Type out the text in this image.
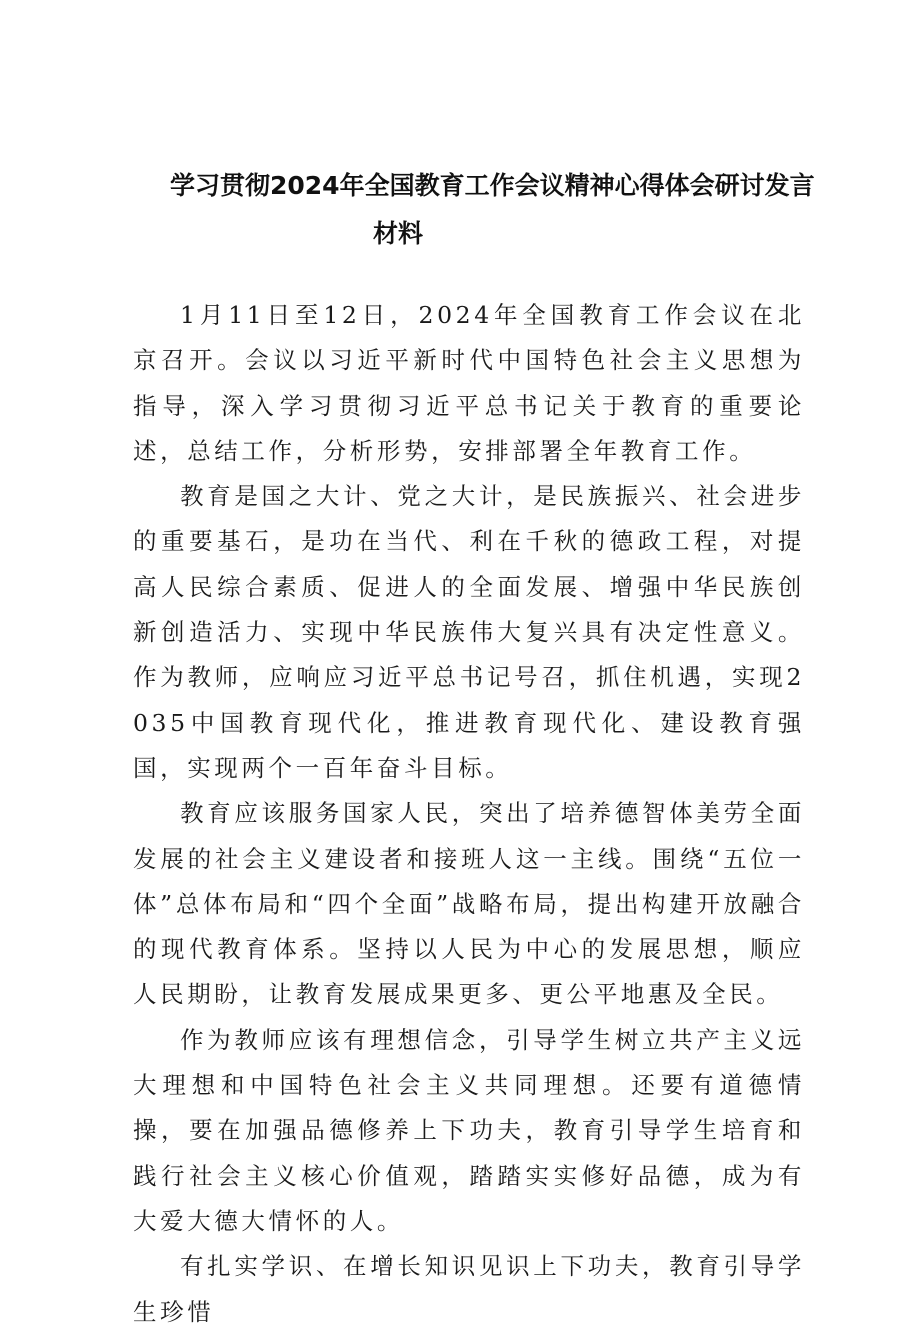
学习贯彻2024年全国教育工作会议精神心得体会研讨发言
材料

1月11日至12日，2024年全国教育工作会议在北京召开。会议以习近平新时代中国特色社会主义思想为指导，深入学习贯彻习近平总书记关于教育的重要论述，总结工作，分析形势，安排部署全年教育工作。

教育是国之大计、党之大计，是民族振兴、社会进步的重要基石，是功在当代、利在千秋的德政工程，对提高人民综合素质、促进人的全面发展、增强中华民族创新创造活力、实现中华民族伟大复兴具有决定性意义。作为教师，应响应习近平总书记号召，抓住机遇，实现2035中国教育现代化，推进教育现代化、建设教育强国，实现两个一百年奋斗目标。

教育应该服务国家人民，突出了培养德智体美劳全面发展的社会主义建设者和接班人这一主线。围绕“五位一体”总体布局和“四个全面”战略布局，提出构建开放融合的现代教育体系。坚持以人民为中心的发展思想，顺应人民期盼，让教育发展成果更多、更公平地惠及全民。

作为教师应该有理想信念，引导学生树立共产主义远大理想和中国特色社会主义共同理想。还要有道德情操，要在加强品德修养上下功夫，教育引导学生培育和践行社会主义核心价值观，踏踏实实修好品德，成为有大爱大德大情怀的人。

有扎实学识、在增长知识见识上下功夫，教育引导学生珍惜
